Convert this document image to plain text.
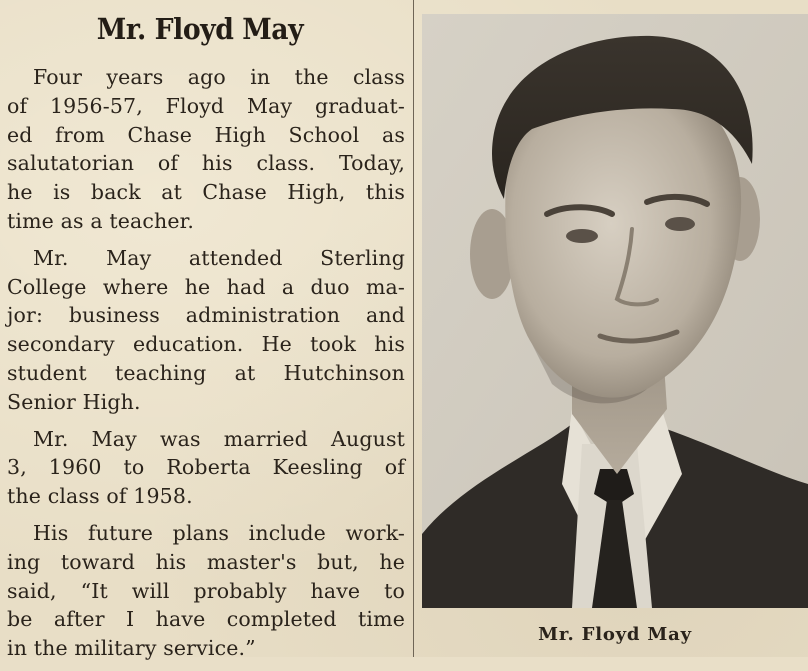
Mr. Floyd May
Four years ago in the class
of 1956-57, Floyd May graduat-
ed from Chase High School as
salutatorian of his class. Today,
he is back at Chase High, this
time as a teacher.
Mr. May attended Sterling
College where he had a duo ma-
jor: business administration and
secondary education. He took his
student teaching at Hutchinson
Senior High.
Mr. May was married August
3, 1960 to Roberta Keesling of
the class of 1958.
His future plans include work-
ing toward his master's but, he
said, “It will probably have to
be after I have completed time
in the military service.”
Mr. Floyd May
